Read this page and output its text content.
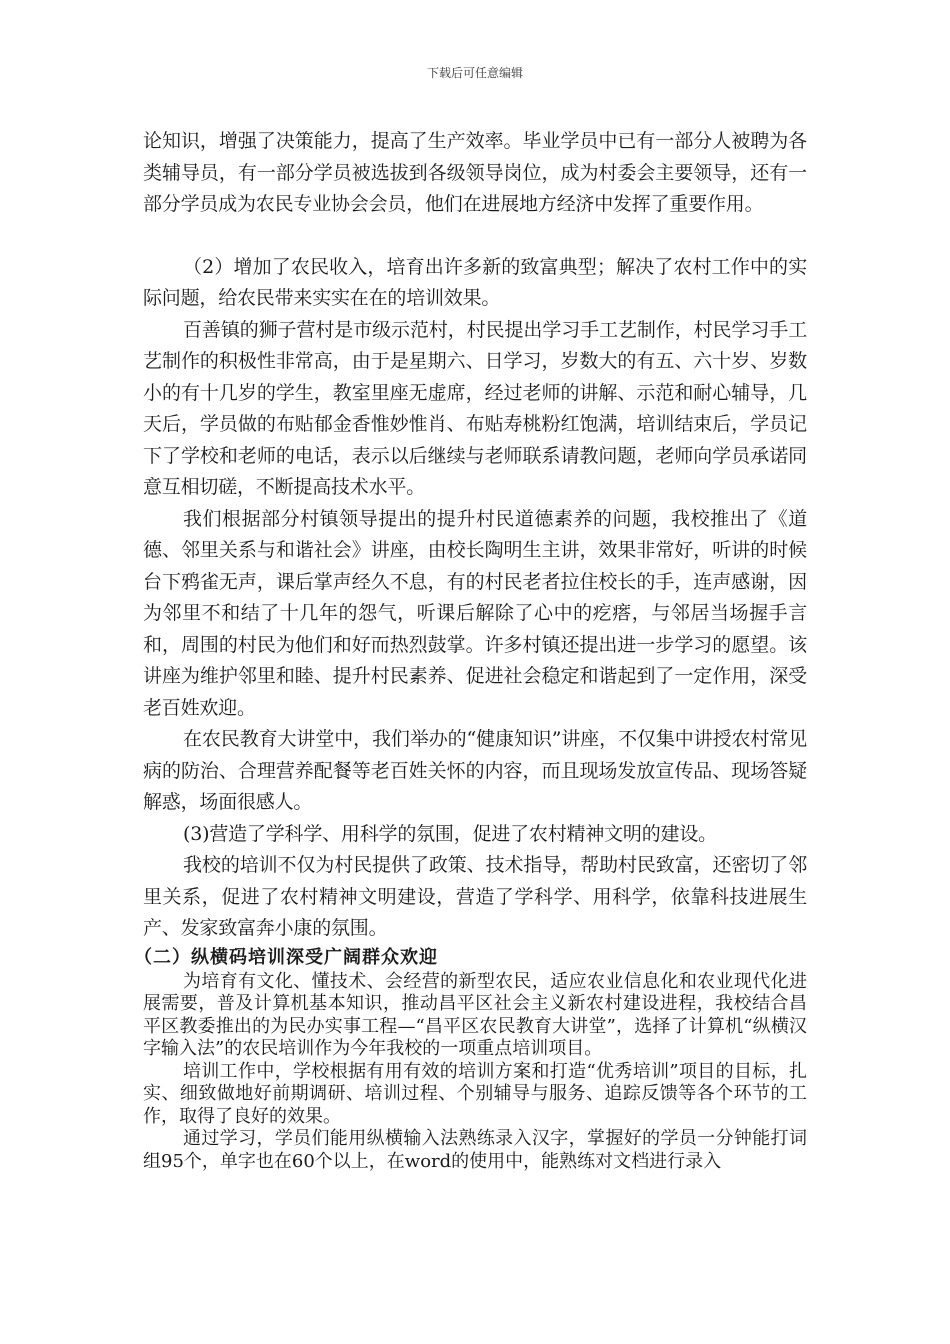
下载后可任意编辑

论知识，增强了决策能力，提高了生产效率。毕业学员中已有一部分人被聘为各类辅导员，有一部分学员被选拔到各级领导岗位，成为村委会主要领导，还有一部分学员成为农民专业协会会员，他们在进展地方经济中发挥了重要作用。

（2）增加了农民收入，培育出许多新的致富典型；解决了农村工作中的实际问题，给农民带来实实在在的培训效果。

百善镇的狮子营村是市级示范村，村民提出学习手工艺制作，村民学习手工艺制作的积极性非常高，由于是星期六、日学习，岁数大的有五、六十岁、岁数小的有十几岁的学生，教室里座无虚席，经过老师的讲解、示范和耐心辅导，几天后，学员做的布贴郁金香惟妙惟肖、布贴寿桃粉红饱满，培训结束后，学员记下了学校和老师的电话，表示以后继续与老师联系请教问题，老师向学员承诺同意互相切磋，不断提高技术水平。

我们根据部分村镇领导提出的提升村民道德素养的问题，我校推出了《道德、邻里关系与和谐社会》讲座，由校长陶明生主讲，效果非常好，听讲的时候台下鸦雀无声，课后掌声经久不息，有的村民老者拉住校长的手，连声感谢，因为邻里不和结了十几年的怨气，听课后解除了心中的疙瘩，与邻居当场握手言和，周围的村民为他们和好而热烈鼓掌。许多村镇还提出进一步学习的愿望。该讲座为维护邻里和睦、提升村民素养、促进社会稳定和谐起到了一定作用，深受老百姓欢迎。

在农民教育大讲堂中，我们举办的“健康知识”讲座，不仅集中讲授农村常见病的防治、合理营养配餐等老百姓关怀的内容，而且现场发放宣传品、现场答疑解惑，场面很感人。

(3)营造了学科学、用科学的氛围，促进了农村精神文明的建设。

我校的培训不仅为村民提供了政策、技术指导，帮助村民致富，还密切了邻里关系，促进了农村精神文明建设，营造了学科学、用科学，依靠科技进展生产、发家致富奔小康的氛围。

（二）纵横码培训深受广阔群众欢迎

为培育有文化、懂技术、会经营的新型农民，适应农业信息化和农业现代化进展需要，普及计算机基本知识，推动昌平区社会主义新农村建设进程，我校结合昌平区教委推出的为民办实事工程—“昌平区农民教育大讲堂”，选择了计算机“纵横汉字输入法”的农民培训作为今年我校的一项重点培训项目。

培训工作中，学校根据有用有效的培训方案和打造“优秀培训”项目的目标，扎实、细致做地好前期调研、培训过程、个别辅导与服务、追踪反馈等各个环节的工作，取得了良好的效果。

通过学习，学员们能用纵横输入法熟练录入汉字，掌握好的学员一分钟能打词组95个，单字也在60个以上，在word的使用中，能熟练对文档进行录入
